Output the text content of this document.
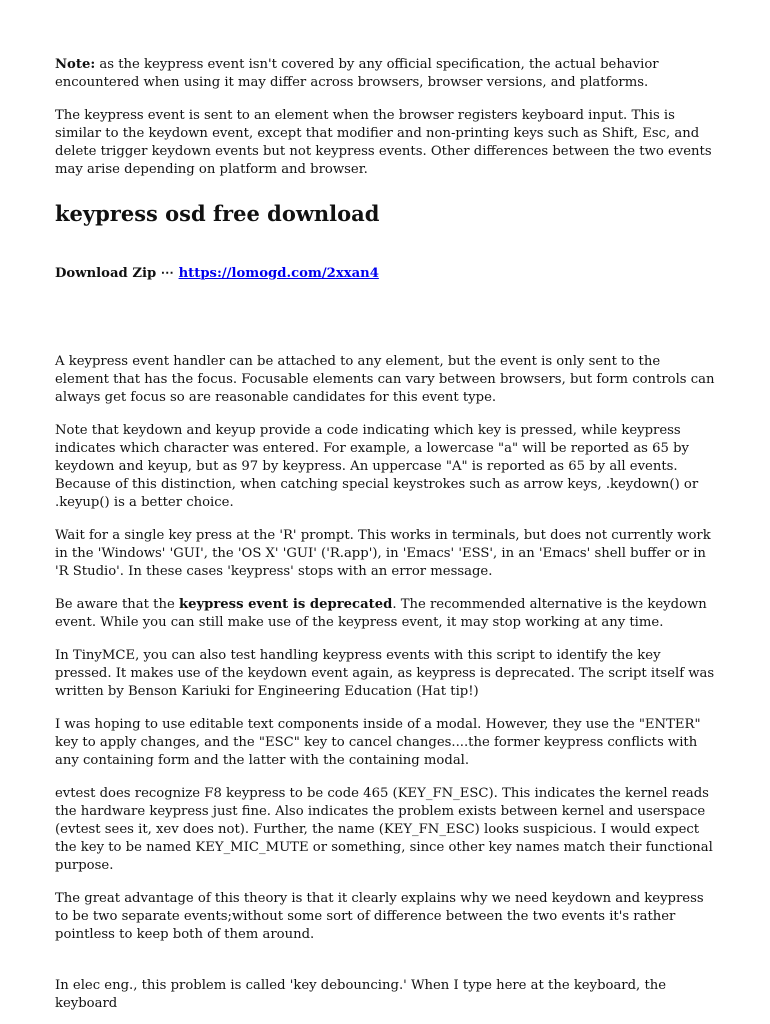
Note: as the keypress event isn't covered by any official specification, the actual behavior encountered when using it may differ across browsers, browser versions, and platforms.

The keypress event is sent to an element when the browser registers keyboard input. This is similar to the keydown event, except that modifier and non-printing keys such as Shift, Esc, and delete trigger keydown events but not keypress events. Other differences between the two events may arise depending on platform and browser.

keypress osd free download

Download Zip ⋯ https://lomogd.com/2xxan4

A keypress event handler can be attached to any element, but the event is only sent to the element that has the focus. Focusable elements can vary between browsers, but form controls can always get focus so are reasonable candidates for this event type.

Note that keydown and keyup provide a code indicating which key is pressed, while keypress indicates which character was entered. For example, a lowercase "a" will be reported as 65 by keydown and keyup, but as 97 by keypress. An uppercase "A" is reported as 65 by all events. Because of this distinction, when catching special keystrokes such as arrow keys, .keydown() or .keyup() is a better choice.

Wait for a single key press at the 'R' prompt. This works in terminals, but does not currently work in the 'Windows' 'GUI', the 'OS X' 'GUI' ('R.app'), in 'Emacs' 'ESS', in an 'Emacs' shell buffer or in 'R Studio'. In these cases 'keypress' stops with an error message.

Be aware that the keypress event is deprecated. The recommended alternative is the keydown event. While you can still make use of the keypress event, it may stop working at any time.

In TinyMCE, you can also test handling keypress events with this script to identify the key pressed. It makes use of the keydown event again, as keypress is deprecated. The script itself was written by Benson Kariuki for Engineering Education (Hat tip!)

I was hoping to use editable text components inside of a modal. However, they use the "ENTER" key to apply changes, and the "ESC" key to cancel changes....the former keypress conflicts with any containing form and the latter with the containing modal.

evtest does recognize F8 keypress to be code 465 (KEY_FN_ESC). This indicates the kernel reads the hardware keypress just fine. Also indicates the problem exists between kernel and userspace (evtest sees it, xev does not). Further, the name (KEY_FN_ESC) looks suspicious. I would expect the key to be named KEY_MIC_MUTE or something, since other key names match their functional purpose.

The great advantage of this theory is that it clearly explains why we need keydown and keypress to be two separate events;without some sort of difference between the two events it's rather pointless to keep both of them around.

In elec eng., this problem is called 'key debouncing.' When I type here at the keyboard, the keyboard
